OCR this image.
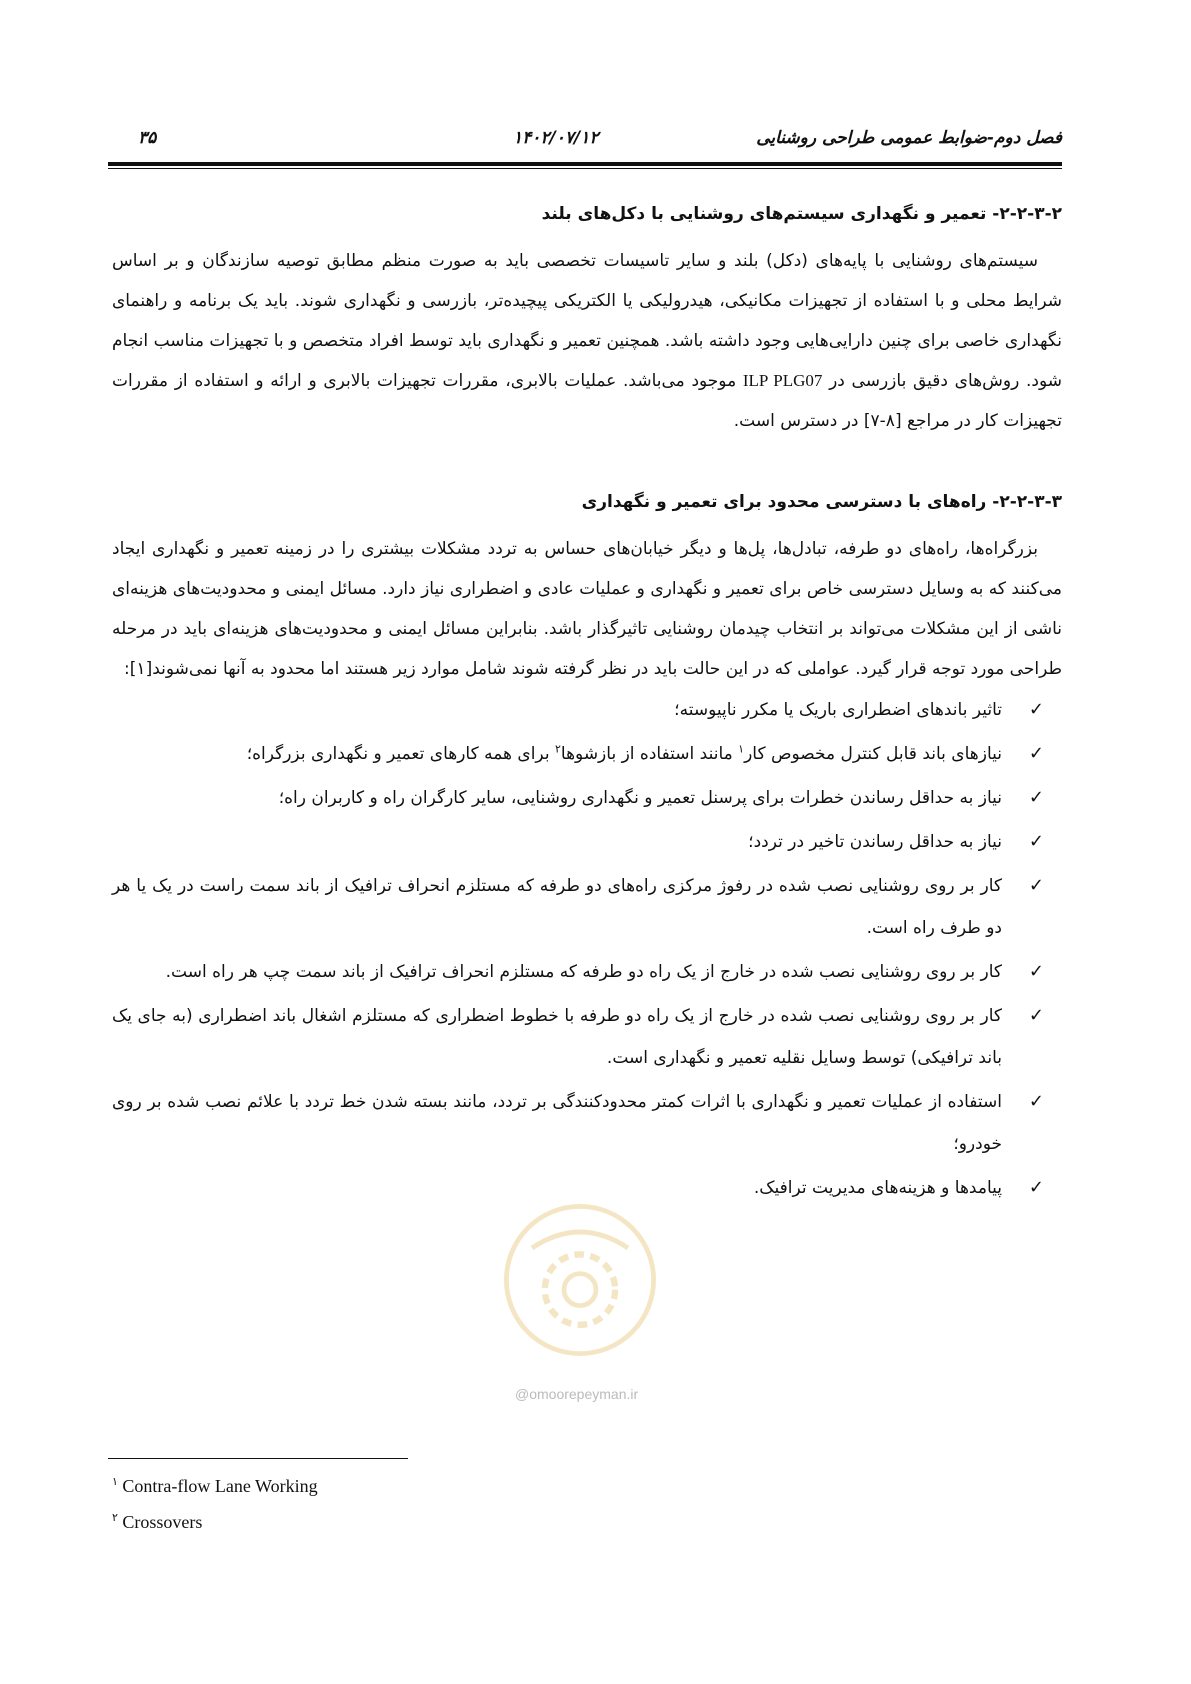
فصل دوم-ضوابط عمومی طراحی روشنایی
۱۴۰۲/۰۷/۱۲
۳۵
۲-۲-۳-۲- تعمیر و نگهداری سیستم‌های روشنایی با دکل‌های بلند

سیستم‌های روشنایی با پایه‌های (دکل) بلند و سایر تاسیسات تخصصی باید به صورت منظم مطابق توصیه سازندگان و بر اساس شرایط محلی و با استفاده از تجهیزات مکانیکی، هیدرولیکی یا الکتریکی پیچیده‌تر، بازرسی و نگهداری شوند. باید یک برنامه و راهنمای نگهداری خاصی برای چنین دارایی‌هایی وجود داشته باشد. همچنین تعمیر و نگهداری باید توسط افراد متخصص و با تجهیزات مناسب انجام شود. روش‌های دقیق بازرسی در ILP PLG07 موجود می‌باشد. عملیات بالابری، مقررات تجهیزات بالابری و ارائه و استفاده از مقررات تجهیزات کار در مراجع [۸-۷] در دسترس است.

۲-۲-۳-۳- راه‌های با دسترسی محدود برای تعمیر و نگهداری

بزرگراه‌ها، راه‌های دو طرفه، تبادل‌ها، پل‌ها و دیگر خیابان‌های حساس به تردد مشکلات بیشتری را در زمینه تعمیر و نگهداری ایجاد می‌کنند که به وسایل دسترسی خاص برای تعمیر و نگهداری و عملیات عادی و اضطراری نیاز دارد. مسائل ایمنی و محدودیت‌های هزینه‌ای ناشی از این مشکلات می‌تواند بر انتخاب چیدمان روشنایی تاثیرگذار باشد. بنابراین مسائل ایمنی و محدودیت‌های هزینه‌ای باید در مرحله طراحی مورد توجه قرار گیرد. عواملی که در این حالت باید در نظر گرفته شوند شامل موارد زیر هستند اما محدود به آنها نمی‌شوند[۱]:

✓
تاثیر باندهای اضطراری باریک یا مکرر ناپیوسته؛
✓
نیازهای باند قابل کنترل مخصوص کار$^۱$ مانند استفاده از بازشوها$^۲$ برای همه کارهای تعمیر و نگهداری بزرگراه؛
✓
نیاز به حداقل رساندن خطرات برای پرسنل تعمیر و نگهداری روشنایی، سایر کارگران راه و کاربران راه؛
✓
نیاز به حداقل رساندن تاخیر در تردد؛
✓
کار بر روی روشنایی نصب شده در رفوژ مرکزی راه‌های دو طرفه که مستلزم انحراف ترافیک از باند سمت راست در یک یا هر دو طرف راه است.
✓
کار بر روی روشنایی نصب شده در خارج از یک راه دو طرفه که مستلزم انحراف ترافیک از باند سمت چپ هر راه است.
✓
کار بر روی روشنایی نصب شده در خارج از یک راه دو طرفه با خطوط اضطراری که مستلزم اشغال باند اضطراری (به جای یک باند ترافیکی) توسط وسایل نقلیه تعمیر و نگهداری است.
✓
استفاده از عملیات تعمیر و نگهداری با اثرات کمتر محدودکنندگی بر تردد، مانند بسته شدن خط تردد با علائم نصب شده بر روی خودرو؛
✓
پیامدها و هزینه‌های مدیریت ترافیک.
@omoorepeyman.ir
$^۱$ Contra-flow Lane Working
$^۲$ Crossovers
